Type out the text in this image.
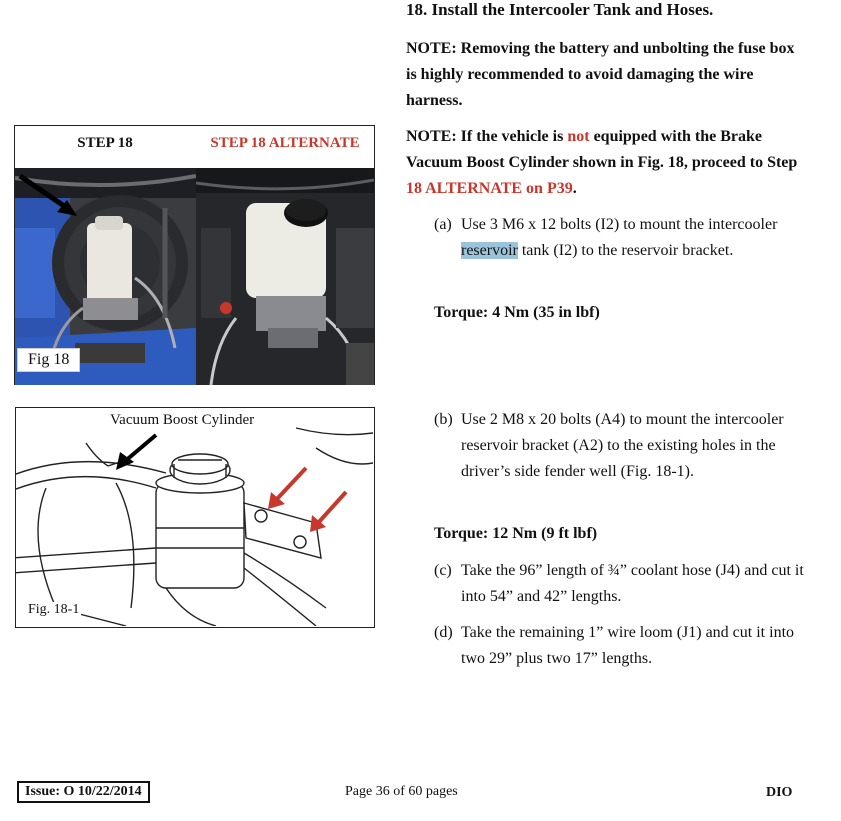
18. Install the Intercooler Tank and Hoses.
NOTE: Removing the battery and unbolting the fuse box is highly recommended to avoid damaging the wire harness.
NOTE: If the vehicle is not equipped with the Brake Vacuum Boost Cylinder shown in Fig. 18, proceed to Step 18 ALTERNATE on P39.
(a) Use 3 M6 x 12 bolts (I2) to mount the intercooler reservoir tank (I2) to the reservoir bracket.
Torque: 4 Nm (35 in lbf)
(b) Use 2 M8 x 20 bolts (A4) to mount the intercooler reservoir bracket (A2) to the existing holes in the driver’s side fender well (Fig. 18-1).
Torque: 12 Nm (9 ft lbf)
(c) Take the 96” length of ¾” coolant hose (J4) and cut it into 54” and 42” lengths.
(d) Take the remaining 1” wire loom (J1) and cut it into two 29” plus two 17” lengths.
STEP 18	STEP 18 ALTERNATE
Fig 18
Vacuum Boost Cylinder
Fig. 18-1
Issue: O 10/22/2014	Page 36 of 60 pages	DIO
